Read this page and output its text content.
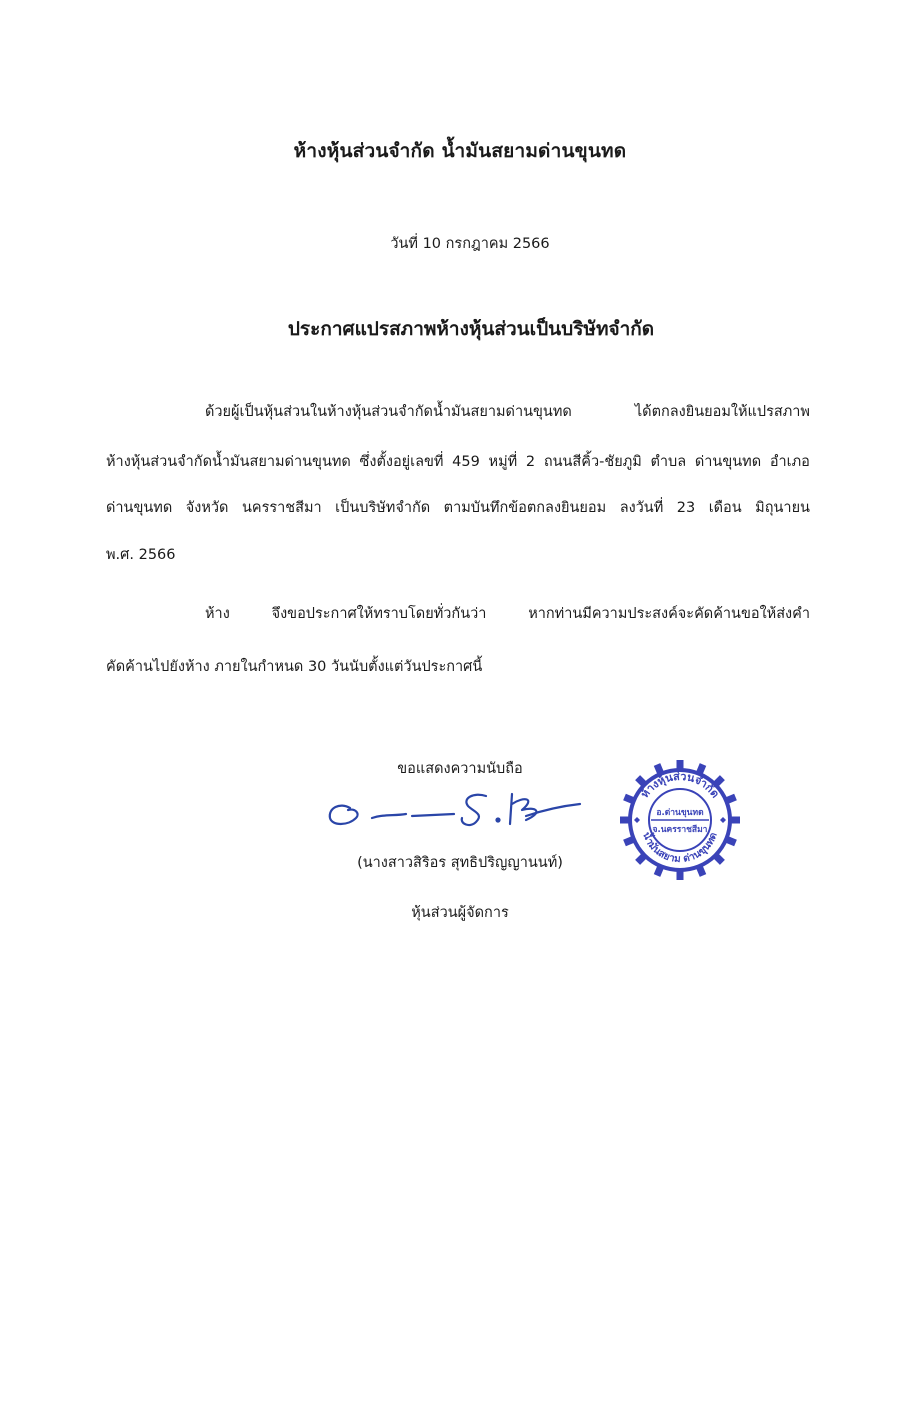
ห้างหุ้นส่วนจำกัด น้ำมันสยามด่านขุนทด
วันที่ 10 กรกฎาคม 2566
ประกาศแปรสภาพห้างหุ้นส่วนเป็นบริษัทจำกัด
ด้วยผู้เป็นหุ้นส่วนในห้างหุ้นส่วนจำกัดน้ำมันสยามด่านขุนทด	ได้ตกลงยินยอมให้แปรสภาพ
ห้างหุ้นส่วนจำกัดน้ำมันสยามด่านขุนทด ซึ่งตั้งอยู่เลขที่ 459 หมู่ที่ 2 ถนนสีคิ้ว-ชัยภูมิ ตำบล ด่านขุนทด อำเภอ
ด่านขุนทด จังหวัด นครราชสีมา เป็นบริษัทจำกัด ตามบันทึกข้อตกลงยินยอม ลงวันที่ 23 เดือน มิถุนายน
พ.ศ. 2566
ห้าง	จึงขอประกาศให้ทราบโดยทั่วกันว่า	หากท่านมีความประสงค์จะคัดค้านขอให้ส่งคำ
คัดค้านไปยังห้าง ภายในกำหนด 30 วันนับตั้งแต่วันประกาศนี้
ขอแสดงความนับถือ
(นางสาวสิริอร สุทธิปริญญานนท์)
หุ้นส่วนผู้จัดการ
ห้างหุ้นส่วนจำกัด
น้ำมันสยาม ด่านขุนทด
อ.ด่านขุนทด
จ.นครราชสีมา
